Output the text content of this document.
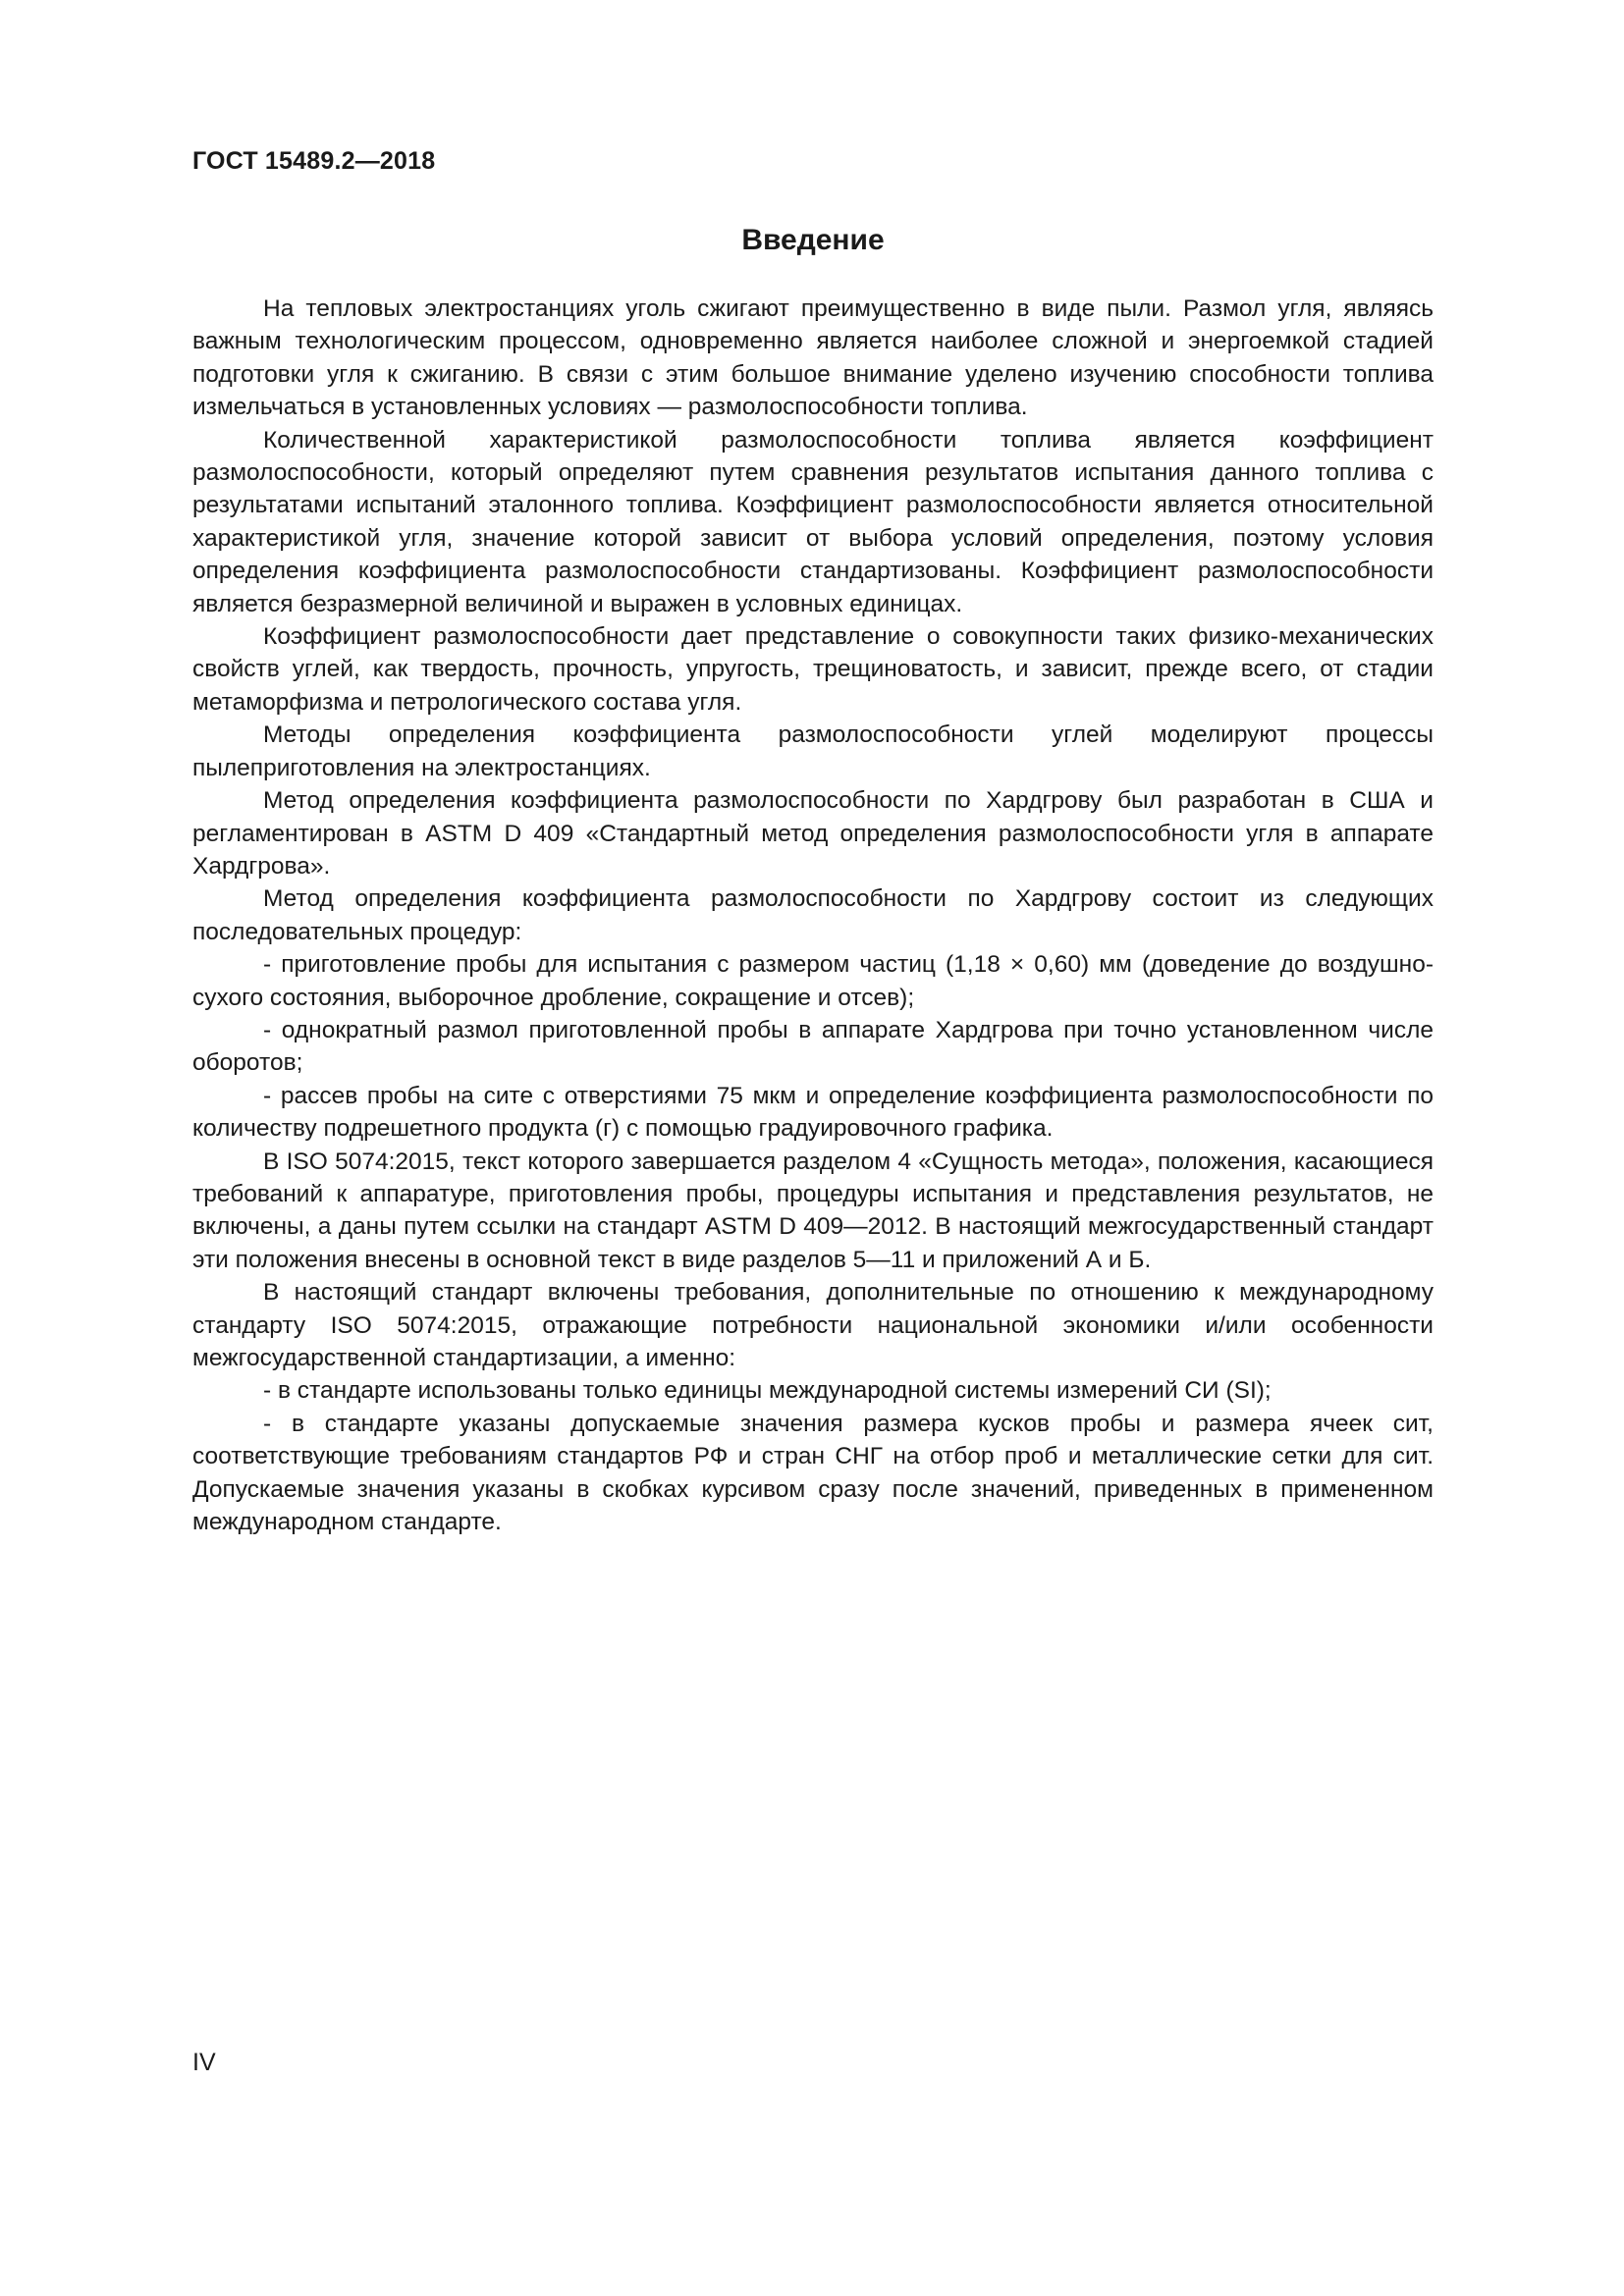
ГОСТ 15489.2—2018
Введение

На тепловых электростанциях уголь сжигают преимущественно в виде пыли. Размол угля, являясь важным технологическим процессом, одновременно является наиболее сложной и энергоемкой стадией подготовки угля к сжиганию. В связи с этим большое внимание уделено изучению способности топлива измельчаться в установленных условиях — размолоспособности топлива.

Количественной характеристикой размолоспособности топлива является коэффициент размолоспособности, который определяют путем сравнения результатов испытания данного топлива с результатами испытаний эталонного топлива. Коэффициент размолоспособности является относительной характеристикой угля, значение которой зависит от выбора условий определения, поэтому условия определения коэффициента размолоспособности стандартизованы. Коэффициент размолоспособности является безразмерной величиной и выражен в условных единицах.

Коэффициент размолоспособности дает представление о совокупности таких физико-механических свойств углей, как твердость, прочность, упругость, трещиноватость, и зависит, прежде всего, от стадии метаморфизма и петрологического состава угля.

Методы определения коэффициента размолоспособности углей моделируют процессы пылеприготовления на электростанциях.

Метод определения коэффициента размолоспособности по Хардгрову был разработан в США и регламентирован в ASTM D 409 «Стандартный метод определения размолоспособности угля в аппарате Хардгрова».

Метод определения коэффициента размолоспособности по Хардгрову состоит из следующих последовательных процедур:

- приготовление пробы для испытания с размером частиц (1,18 × 0,60) мм (доведение до воздушно-сухого состояния, выборочное дробление, сокращение и отсев);

- однократный размол приготовленной пробы в аппарате Хардгрова при точно установленном числе оборотов;

- рассев пробы на сите с отверстиями 75 мкм и определение коэффициента размолоспособности по количеству подрешетного продукта (г) с помощью градуировочного графика.

В ISO 5074:2015, текст которого завершается разделом 4 «Сущность метода», положения, касающиеся требований к аппаратуре, приготовления пробы, процедуры испытания и представления результатов, не включены, а даны путем ссылки на стандарт ASTM D 409—2012. В настоящий межгосударственный стандарт эти положения внесены в основной текст в виде разделов 5—11 и приложений А и Б.

В настоящий стандарт включены требования, дополнительные по отношению к международному стандарту ISO 5074:2015, отражающие потребности национальной экономики и/или особенности межгосударственной стандартизации, а именно:

- в стандарте использованы только единицы международной системы измерений СИ (SI);

- в стандарте указаны допускаемые значения размера кусков пробы и размера ячеек сит, соответствующие требованиям стандартов РФ и стран СНГ на отбор проб и металлические сетки для сит. Допускаемые значения указаны в скобках курсивом сразу после значений, приведенных в примененном международном стандарте.

IV
